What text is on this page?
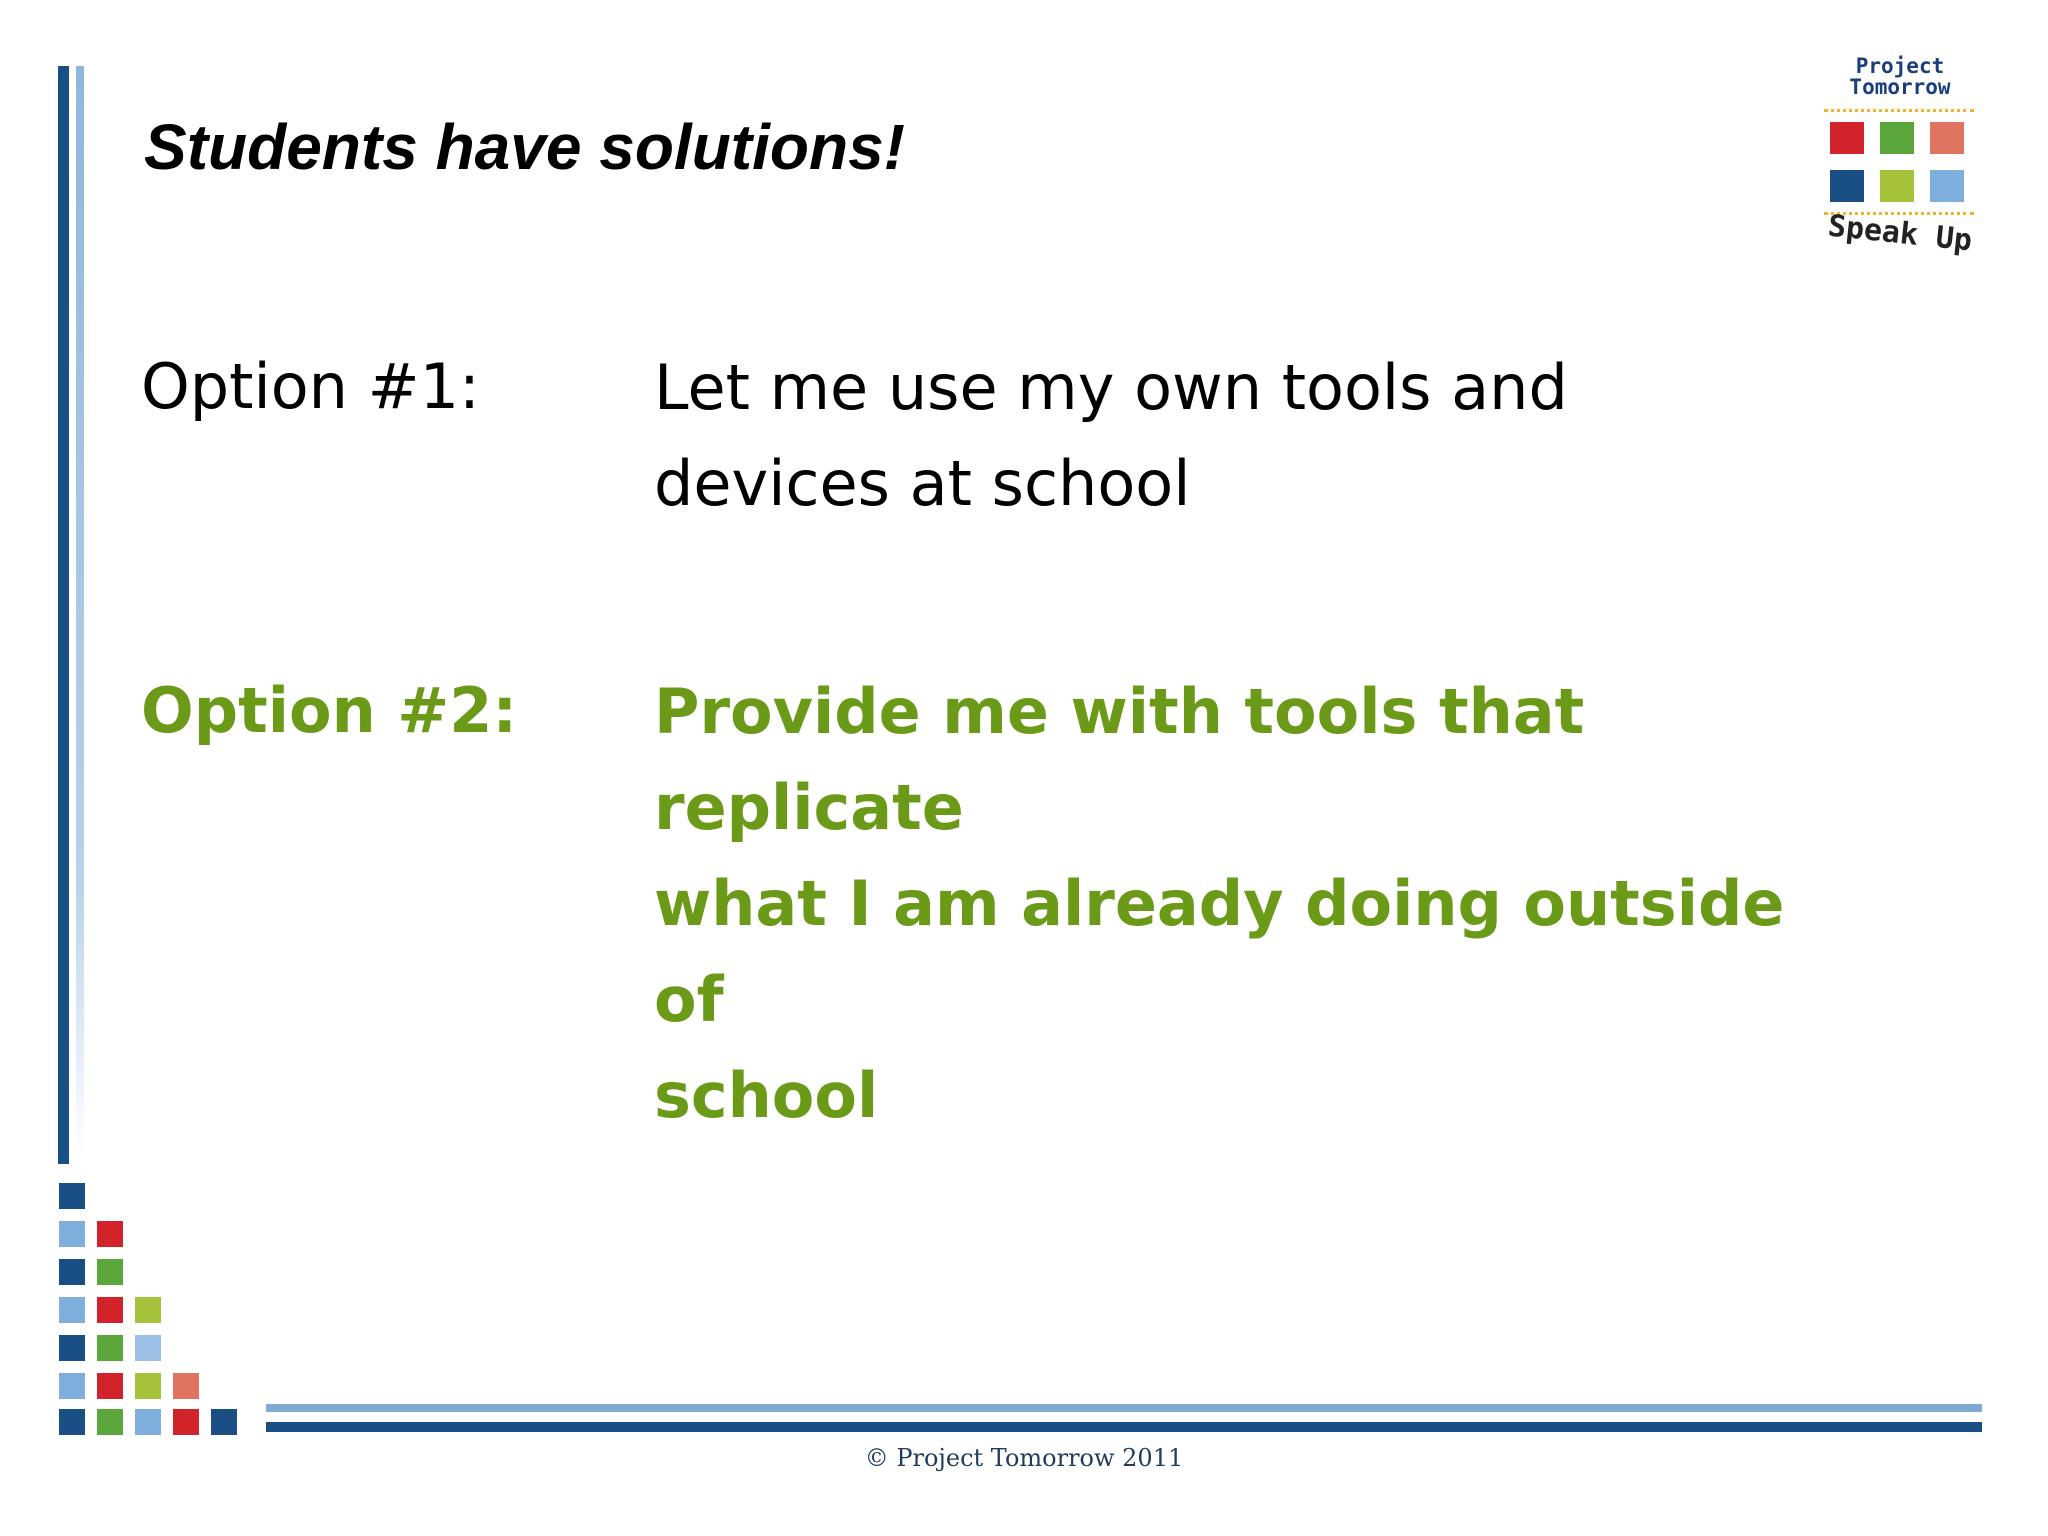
Students have solutions!
Option #1:	Let me use my own tools and
devices at school
Option #2: Provide me with tools that replicate
what I am already doing outside of
school
© Project Tomorrow 2011
Project
Tomorrow
Speak Up
